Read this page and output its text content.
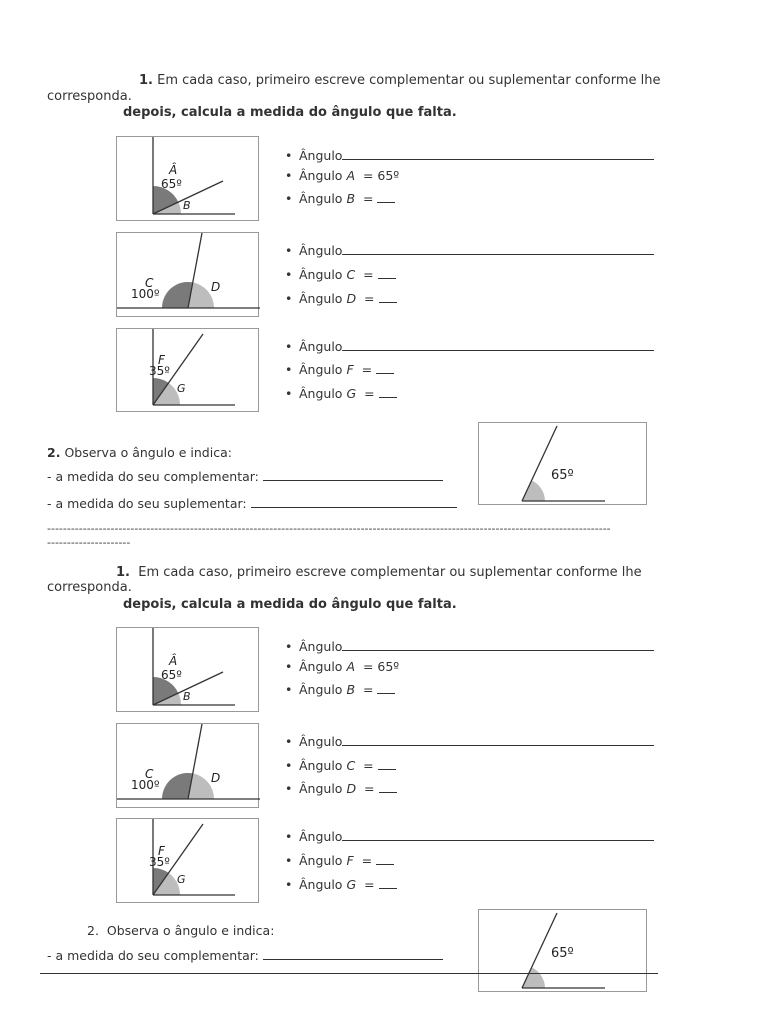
1. Em cada caso, primeiro escreve complementar ou suplementar conforme lhe
corresponda.
depois, calcula a medida do ângulo que falta.
Â
65º
B
• Ângulo
• Ângulo A = 65º
• Ângulo B =
C
100º	D
• Ângulo
• Ângulo C =
• Ângulo D =
F
35º
G
• Ângulo
• Ângulo F =
• Ângulo G =
2. Observa o ângulo e indica:
- a medida do seu complementar:
- a medida do seu suplementar:
65º
----------------------------------------------------------------------------------------------------------------------------------------------
---------------------
1. Em cada caso, primeiro escreve complementar ou suplementar conforme lhe
corresponda.
depois, calcula a medida do ângulo que falta.
Â
65º
B
• Ângulo
• Ângulo A = 65º
• Ângulo B =
C
100º	D
• Ângulo
• Ângulo C =
• Ângulo D =
F
35º
G
• Ângulo
• Ângulo F =
• Ângulo G =
2. Observa o ângulo e indica:
- a medida do seu complementar:	65º
